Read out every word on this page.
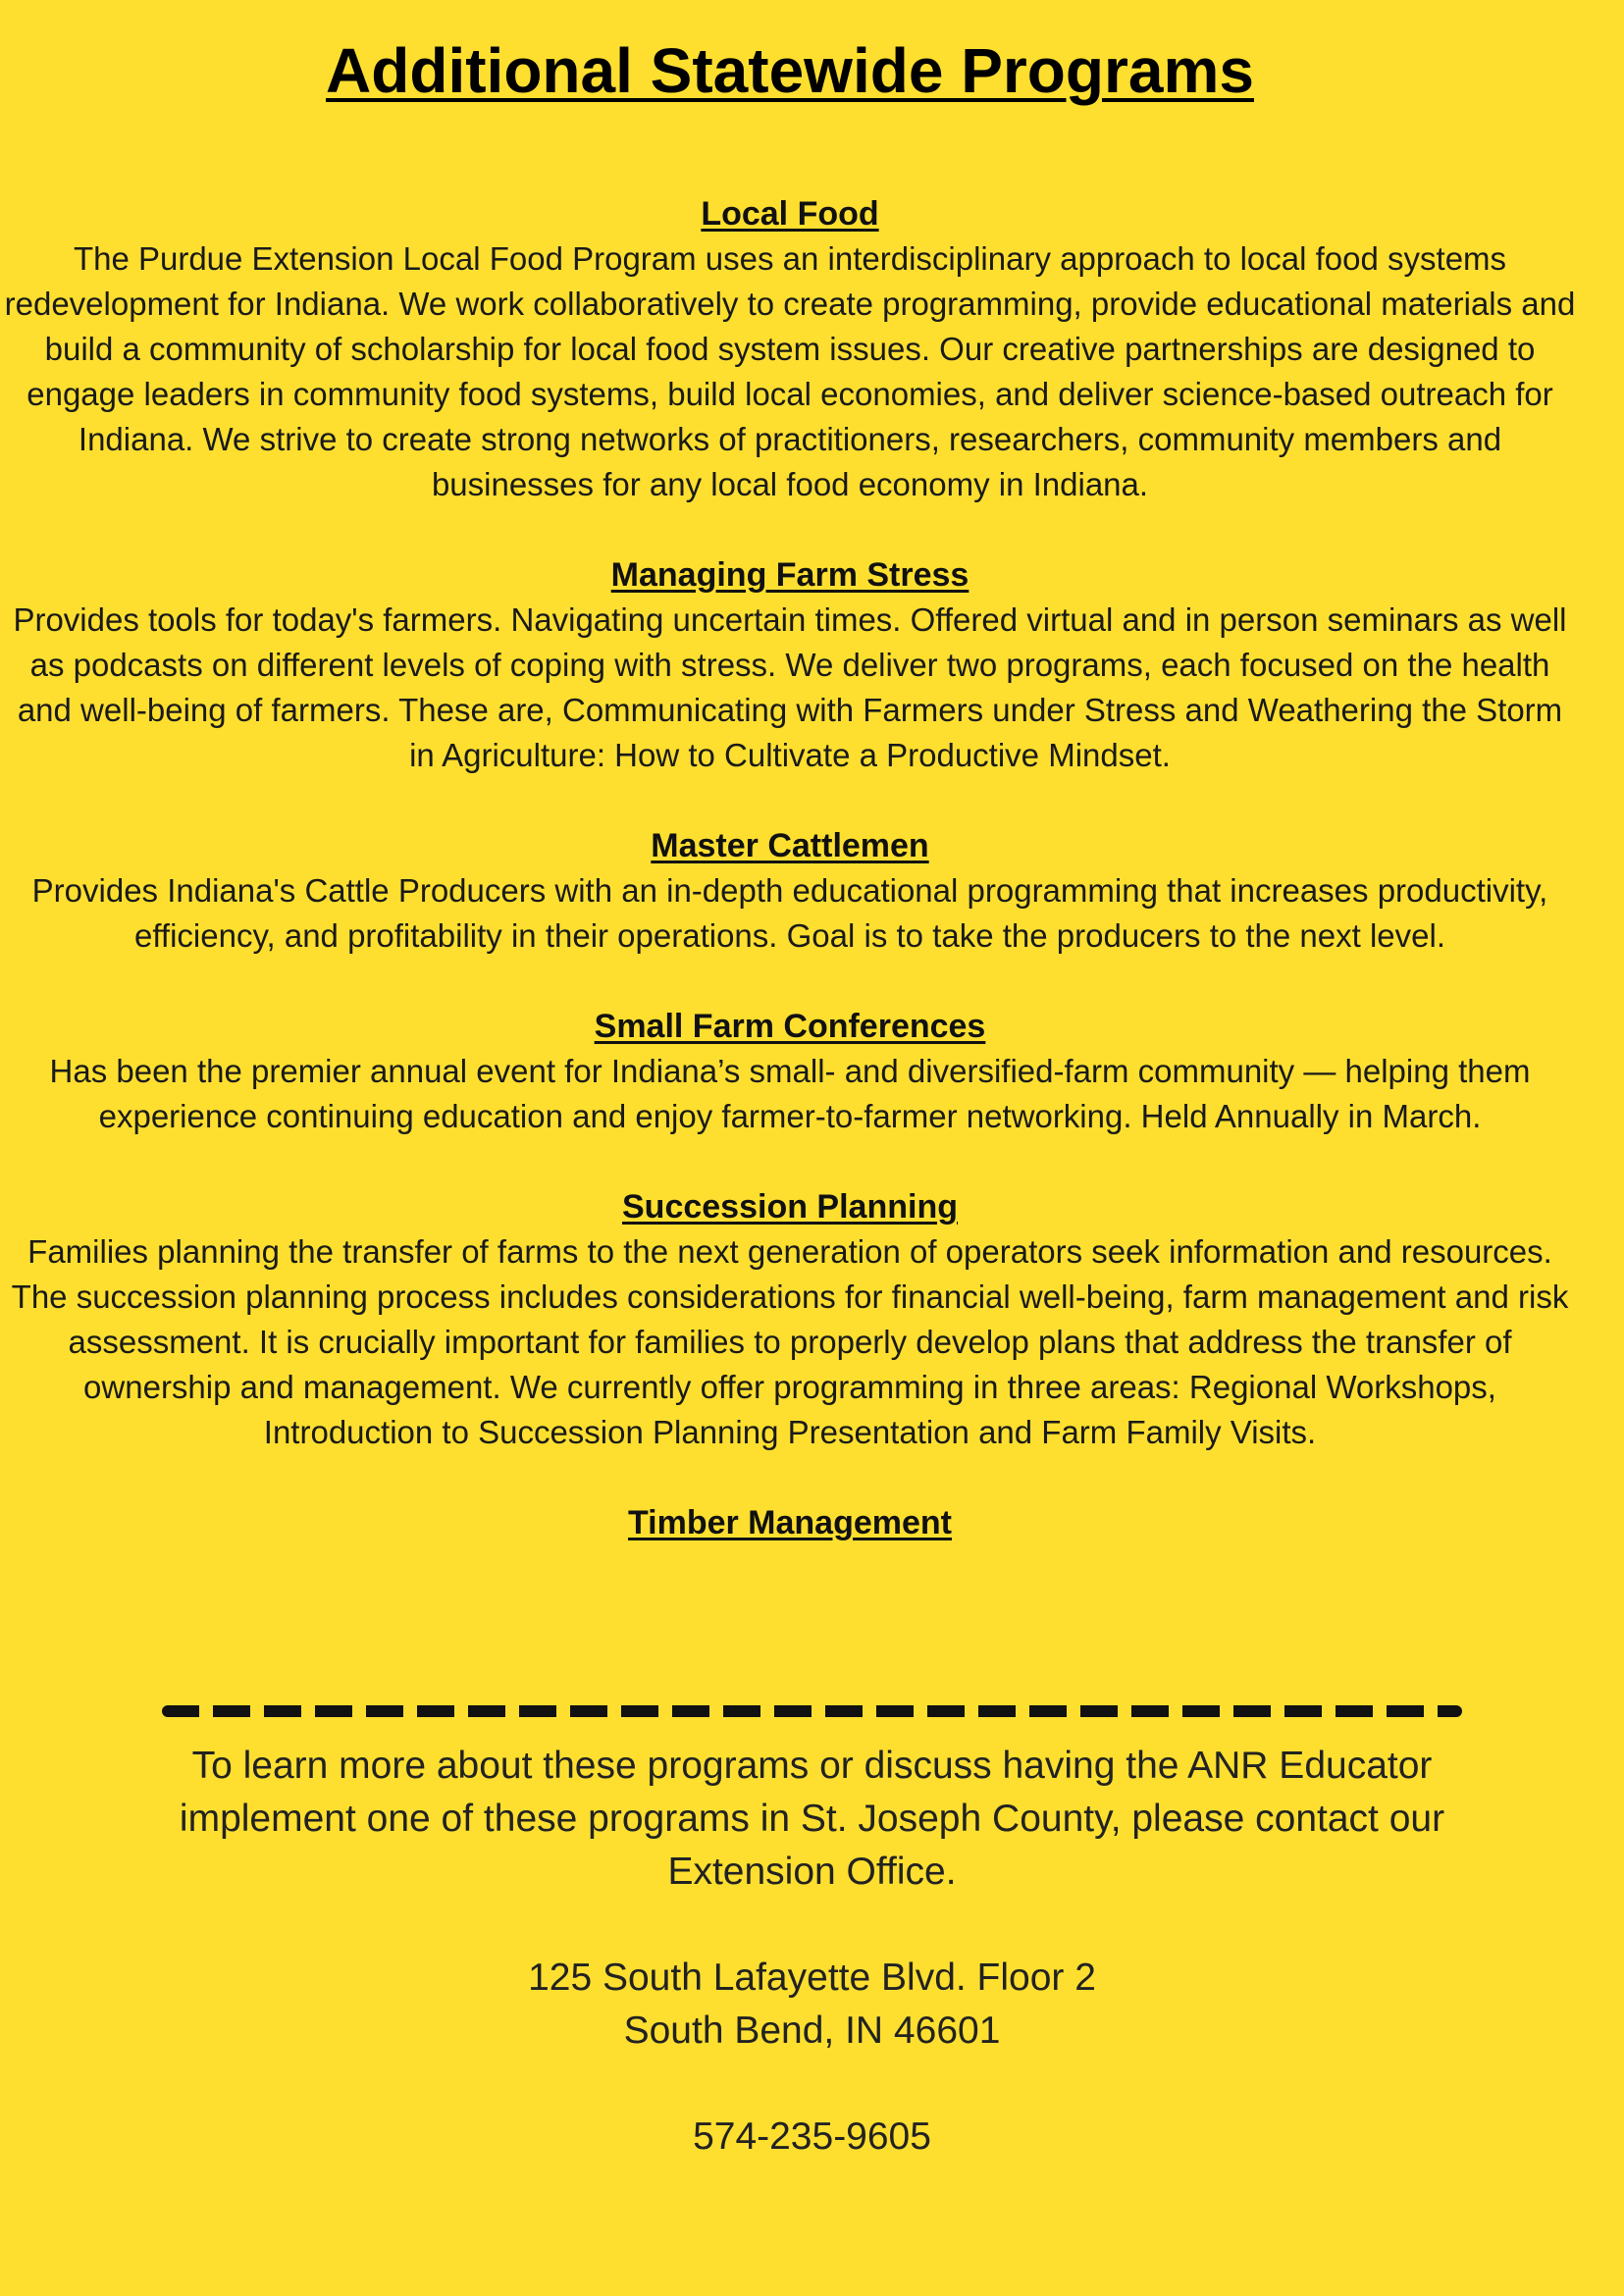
Additional Statewide Programs
Local Food
The Purdue Extension Local Food Program uses an interdisciplinary approach to local food systems redevelopment for Indiana. We work collaboratively to create programming, provide educational materials and build a community of scholarship for local food system issues. Our creative partnerships are designed to engage leaders in community food systems, build local economies, and deliver science-based outreach for Indiana. We strive to create strong networks of practitioners, researchers, community members and businesses for any local food economy in Indiana.
Managing Farm Stress
Provides tools for today's farmers. Navigating uncertain times. Offered virtual and in person seminars as well as podcasts on different levels of coping with stress. We deliver two programs, each focused on the health and well-being of farmers. These are, Communicating with Farmers under Stress and Weathering the Storm in Agriculture: How to Cultivate a Productive Mindset.
Master Cattlemen
Provides Indiana's Cattle Producers with an in-depth educational programming that increases productivity, efficiency, and profitability in their operations. Goal is to take the producers to the next level.
Small Farm Conferences
Has been the premier annual event for Indiana’s small- and diversified-farm community — helping them experience continuing education and enjoy farmer-to-farmer networking. Held Annually in March.
Succession Planning
Families planning the transfer of farms to the next generation of operators seek information and resources. The succession planning process includes considerations for financial well-being, farm management and risk assessment. It is crucially important for families to properly develop plans that address the transfer of ownership and management. We currently offer programming in three areas: Regional Workshops, Introduction to Succession Planning Presentation and Farm Family Visits.
Timber Management

To learn more about these programs or discuss having the ANR Educator implement one of these programs in St. Joseph County, please contact our Extension Office.

125 South Lafayette Blvd. Floor 2

South Bend, IN 46601

574-235-9605
